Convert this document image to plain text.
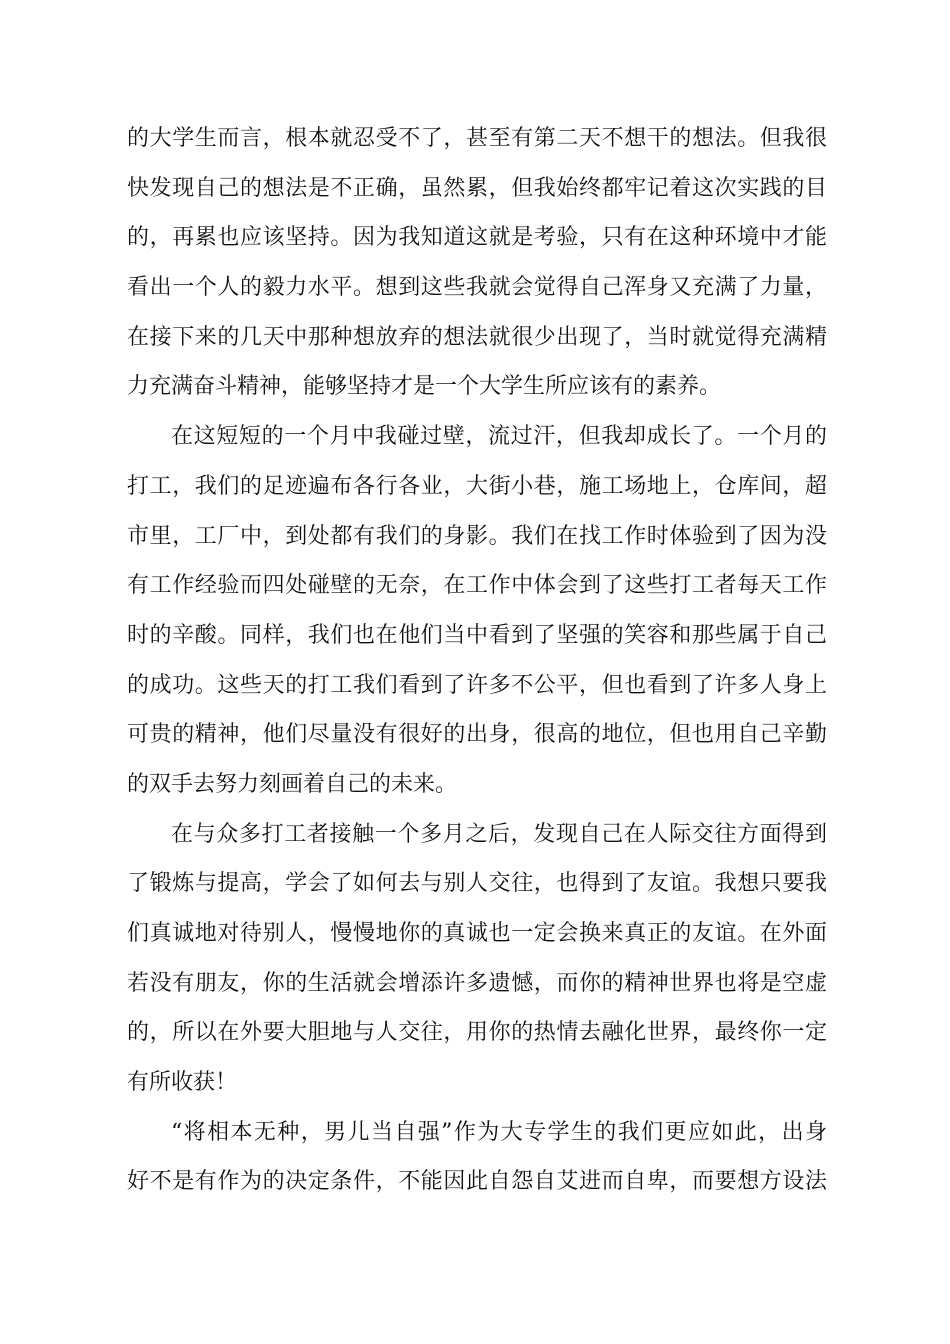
的大学生而言，根本就忍受不了，甚至有第二天不想干的想法。但我很
快发现自己的想法是不正确，虽然累，但我始终都牢记着这次实践的目
的，再累也应该坚持。因为我知道这就是考验，只有在这种环境中才能
看出一个人的毅力水平。想到这些我就会觉得自己浑身又充满了力量，
在接下来的几天中那种想放弃的想法就很少出现了，当时就觉得充满精
力充满奋斗精神，能够坚持才是一个大学生所应该有的素养。
在这短短的一个月中我碰过壁，流过汗，但我却成长了。一个月的
打工，我们的足迹遍布各行各业，大街小巷，施工场地上，仓库间，超
市里，工厂中，到处都有我们的身影。我们在找工作时体验到了因为没
有工作经验而四处碰壁的无奈，在工作中体会到了这些打工者每天工作
时的辛酸。同样，我们也在他们当中看到了坚强的笑容和那些属于自己
的成功。这些天的打工我们看到了许多不公平，但也看到了许多人身上
可贵的精神，他们尽量没有很好的出身，很高的地位，但也用自己辛勤
的双手去努力刻画着自己的未来。
在与众多打工者接触一个多月之后，发现自己在人际交往方面得到
了锻炼与提高，学会了如何去与别人交往，也得到了友谊。我想只要我
们真诚地对待别人，慢慢地你的真诚也一定会换来真正的友谊。在外面
若没有朋友，你的生活就会增添许多遗憾，而你的精神世界也将是空虚
的，所以在外要大胆地与人交往，用你的热情去融化世界，最终你一定
有所收获！
“将相本无种，男儿当自强”作为大专学生的我们更应如此，出身
好不是有作为的决定条件，不能因此自怨自艾进而自卑，而要想方设法
